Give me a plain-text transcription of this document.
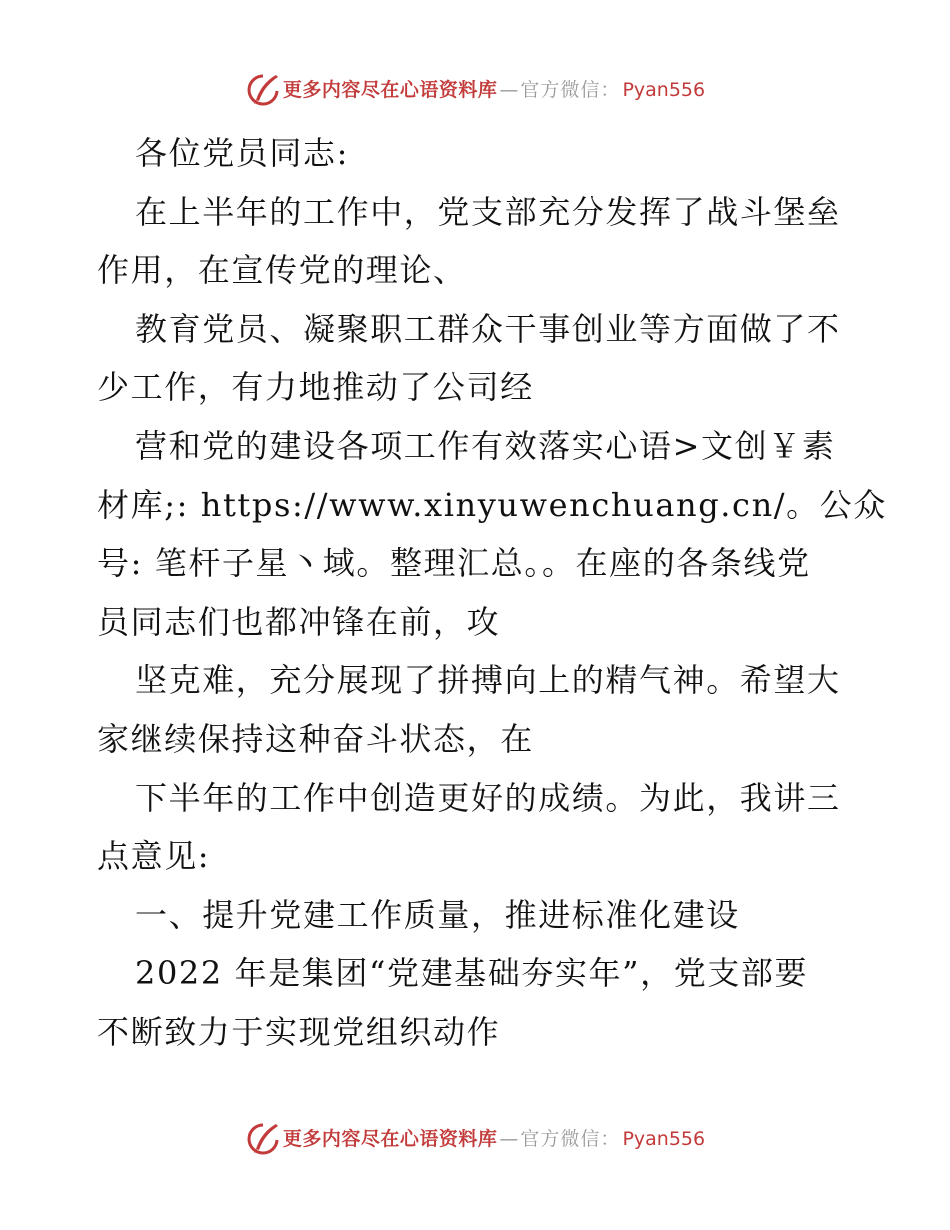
更多内容尽在心语资料库 — 官方微信： Pyan556
各位党员同志:
在上半年的工作中，党支部充分发挥了战斗堡垒
作用，在宣传党的理论、
教育党员、凝聚职工群众干事创业等方面做了不
少工作，有力地推动了公司经
营和党的建设各项工作有效落实心语>文创￥素
材库;: https://www.xinyuwenchuang.cn/。公众
号: 笔杆子星丶域。整理汇总。。在座的各条线党
员同志们也都冲锋在前，攻
坚克难，充分展现了拼搏向上的精气神。希望大
家继续保持这种奋斗状态，在
下半年的工作中创造更好的成绩。为此，我讲三
点意见:
一、提升党建工作质量，推进标准化建设
2022 年是集团“党建基础夯实年”，党支部要
不断致力于实现党组织动作
更多内容尽在心语资料库 — 官方微信： Pyan556
